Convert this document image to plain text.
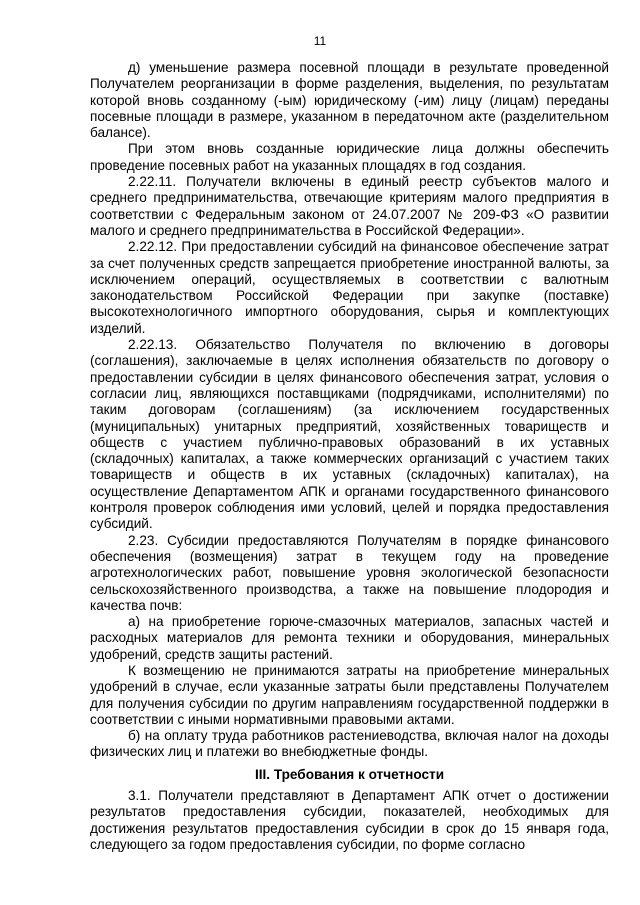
11

д) уменьшение размера посевной площади в результате проведенной Получателем реорганизации в форме разделения, выделения, по результатам которой вновь созданному (-ым) юридическому (-им) лицу (лицам) переданы посевные площади в размере, указанном в передаточном акте (разделительном балансе).

При этом вновь созданные юридические лица должны обеспечить проведение посевных работ на указанных площадях в год создания.

2.22.11. Получатели включены в единый реестр субъектов малого и среднего предпринимательства, отвечающие критериям малого предприятия в соответствии с Федеральным законом от 24.07.2007 № 209-ФЗ «О развитии малого и среднего предпринимательства в Российской Федерации».

2.22.12. При предоставлении субсидий на финансовое обеспечение затрат за счет полученных средств запрещается приобретение иностранной валюты, за исключением операций, осуществляемых в соответствии с валютным законодательством Российской Федерации при закупке (поставке) высокотехнологичного импортного оборудования, сырья и комплектующих изделий.

2.22.13. Обязательство Получателя по включению в договоры (соглашения), заключаемые в целях исполнения обязательств по договору о предоставлении субсидии в целях финансового обеспечения затрат, условия о согласии лиц, являющихся поставщиками (подрядчиками, исполнителями) по таким договорам (соглашениям) (за исключением государственных (муниципальных) унитарных предприятий, хозяйственных товариществ и обществ с участием публично-правовых образований в их уставных (складочных) капиталах, а также коммерческих организаций с участием таких товариществ и обществ в их уставных (складочных) капиталах), на осуществление Департаментом АПК и органами государственного финансового контроля проверок соблюдения ими условий, целей и порядка предоставления субсидий.

2.23. Субсидии предоставляются Получателям в порядке финансового обеспечения (возмещения) затрат в текущем году на проведение агротехнологических работ, повышение уровня экологической безопасности сельскохозяйственного производства, а также на повышение плодородия и качества почв:

а) на приобретение горюче-смазочных материалов, запасных частей и расходных материалов для ремонта техники и оборудования, минеральных удобрений, средств защиты растений.

К возмещению не принимаются затраты на приобретение минеральных удобрений в случае, если указанные затраты были представлены Получателем для получения субсидии по другим направлениям государственной поддержки в соответствии с иными нормативными правовыми актами.

б) на оплату труда работников растениеводства, включая налог на доходы физических лиц и платежи во внебюджетные фонды.

III. Требования к отчетности

3.1. Получатели представляют в Департамент АПК отчет о достижении результатов предоставления субсидии, показателей, необходимых для достижения результатов предоставления субсидии в срок до 15 января года, следующего за годом предоставления субсидии, по форме согласно
